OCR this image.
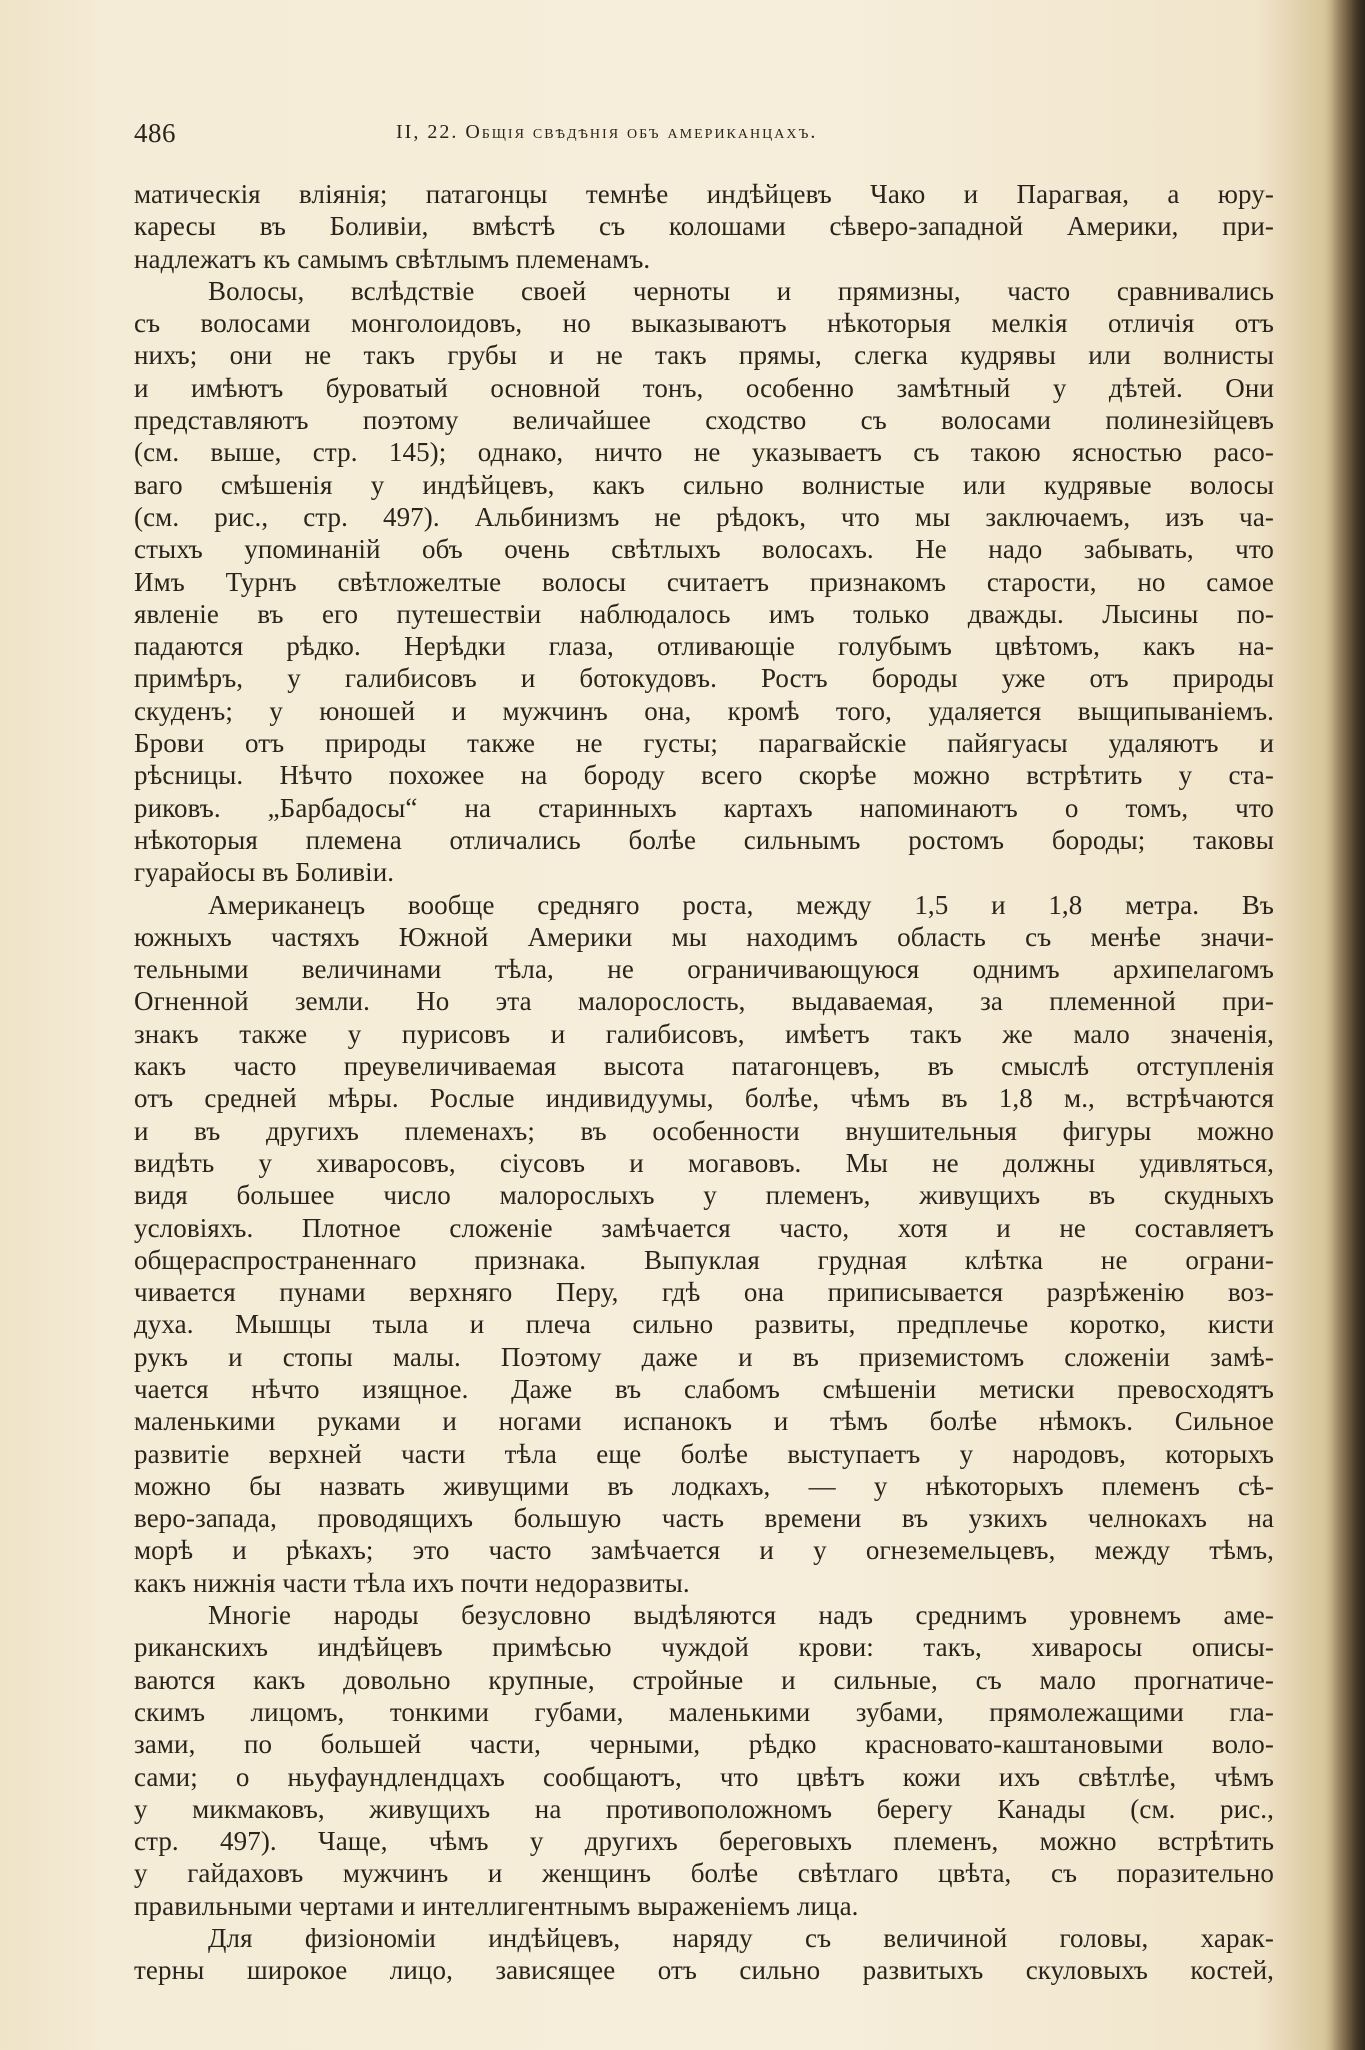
486	II, 22. Общія свѣдѣнія объ американцахъ.
матическія вліянія; патагонцы темнѣе индѣйцевъ Чако и Парагвая, а юру-
кaресы въ Боливіи, вмѣстѣ съ колошами сѣверо-западной Америки, при-
надлежатъ къ самымъ свѣтлымъ племенамъ.
Волосы, вслѣдствіе своей черноты и прямизны, часто сравнивались
съ волосами монголоидовъ, но выказываютъ нѣкоторыя мелкія отличія отъ
нихъ; они не такъ грубы и не такъ прямы, слегка кудрявы или волнисты
и имѣютъ буроватый основной тонъ, особенно замѣтный у дѣтей. Они
представляютъ поэтому величайшее сходство съ волосами полинезійцевъ
(см. выше, стр. 145); однако, ничто не указываетъ съ такою ясностью расо-
ваго смѣшенія у индѣйцевъ, какъ сильно волнистые или кудрявые волосы
(см. рис., стр. 497). Альбинизмъ не рѣдокъ, что мы заключаемъ, изъ ча-
стыхъ упоминаній объ очень свѣтлыхъ волосахъ. Не надо забывать, что
Имъ Турнъ свѣтложелтые волосы считаетъ признакомъ старости, но самое
явленіе въ его путешествіи наблюдалось имъ только дважды. Лысины по-
падаются рѣдко. Нерѣдки глаза, отливающіе голубымъ цвѣтомъ, какъ на-
примѣръ, у галибисовъ и ботокудовъ. Ростъ бороды уже отъ природы
скуденъ; у юношей и мужчинъ она, кромѣ того, удаляется выщипываніемъ.
Брови отъ природы также не густы; парагвайскіе пайягуасы удаляютъ и
рѣсницы. Нѣчто похожее на бороду всего скорѣе можно встрѣтить у ста-
риковъ. „Барбадосы“ на старинныхъ картахъ напоминаютъ о томъ, что
нѣкоторыя племена отличались болѣе сильнымъ ростомъ бороды; таковы
гуарайосы въ Боливіи.
Американецъ вообще средняго роста, между 1,5 и 1,8 метра. Въ
южныхъ частяхъ Южной Америки мы находимъ область съ менѣе значи-
тельными величинами тѣла, не ограничивающуюся однимъ архипелагомъ
Огненной земли. Но эта малорослость, выдаваемая, за племенной при-
знакъ также у пурисовъ и галибисовъ, имѣетъ такъ же мало значенія,
какъ часто преувеличиваемая высота патагонцевъ, въ смыслѣ отступленія
отъ средней мѣры. Рослые индивидуумы, болѣе, чѣмъ въ 1,8 м., встрѣчаются
и въ другихъ племенахъ; въ особенности внушительныя фигуры можно
видѣть у хиваросовъ, сіусовъ и могавовъ. Мы не должны удивляться,
видя большее число малорослыхъ у племенъ, живущихъ въ скудныхъ
условіяхъ. Плотное сложеніе замѣчается часто, хотя и не составляетъ
общераспространеннаго признака. Выпуклая грудная клѣтка не ограни-
чивается пунами верхняго Перу, гдѣ она приписывается разрѣженію воз-
духа. Мышцы тыла и плеча сильно развиты, предплечье коротко, кисти
рукъ и стопы малы. Поэтому даже и въ приземистомъ сложеніи замѣ-
чается нѣчто изящное. Даже въ слабомъ смѣшеніи метиски превосходятъ
маленькими руками и ногами испанокъ и тѣмъ болѣе нѣмокъ. Сильное
развитіе верхней части тѣла еще болѣе выступаетъ у народовъ, которыхъ
можно бы назвать живущими въ лодкахъ, — у нѣкоторыхъ племенъ сѣ-
веро-запада, проводящихъ большую часть времени въ узкихъ челнокахъ на
морѣ и рѣкахъ; это часто замѣчается и у огнеземельцевъ, между тѣмъ,
какъ нижнія части тѣла ихъ почти недоразвиты.
Многіе народы безусловно выдѣляются надъ среднимъ уровнемъ аме-
риканскихъ индѣйцевъ примѣсью чуждой крови: такъ, хиваросы описы-
ваются какъ довольно крупные, стройные и сильные, съ мало прогнатиче-
скимъ лицомъ, тонкими губами, маленькими зубами, прямолежащими гла-
зами, по большей части, черными, рѣдко красновато-каштановыми воло-
сами; о ньуфаундлендцахъ сообщаютъ, что цвѣтъ кожи ихъ свѣтлѣе, чѣмъ
у микмаковъ, живущихъ на противоположномъ берегу Канады (см. рис.,
стр. 497). Чаще, чѣмъ у другихъ береговыхъ племенъ, можно встрѣтить
у гайдаховъ мужчинъ и женщинъ болѣе свѣтлаго цвѣта, съ поразительно
правильными чертами и интеллигентнымъ выраженіемъ лица.
Для физіономіи индѣйцевъ, наряду съ величиной головы, харак-
терны широкое лицо, зависящее отъ сильно развитыхъ скуловыхъ костей,
